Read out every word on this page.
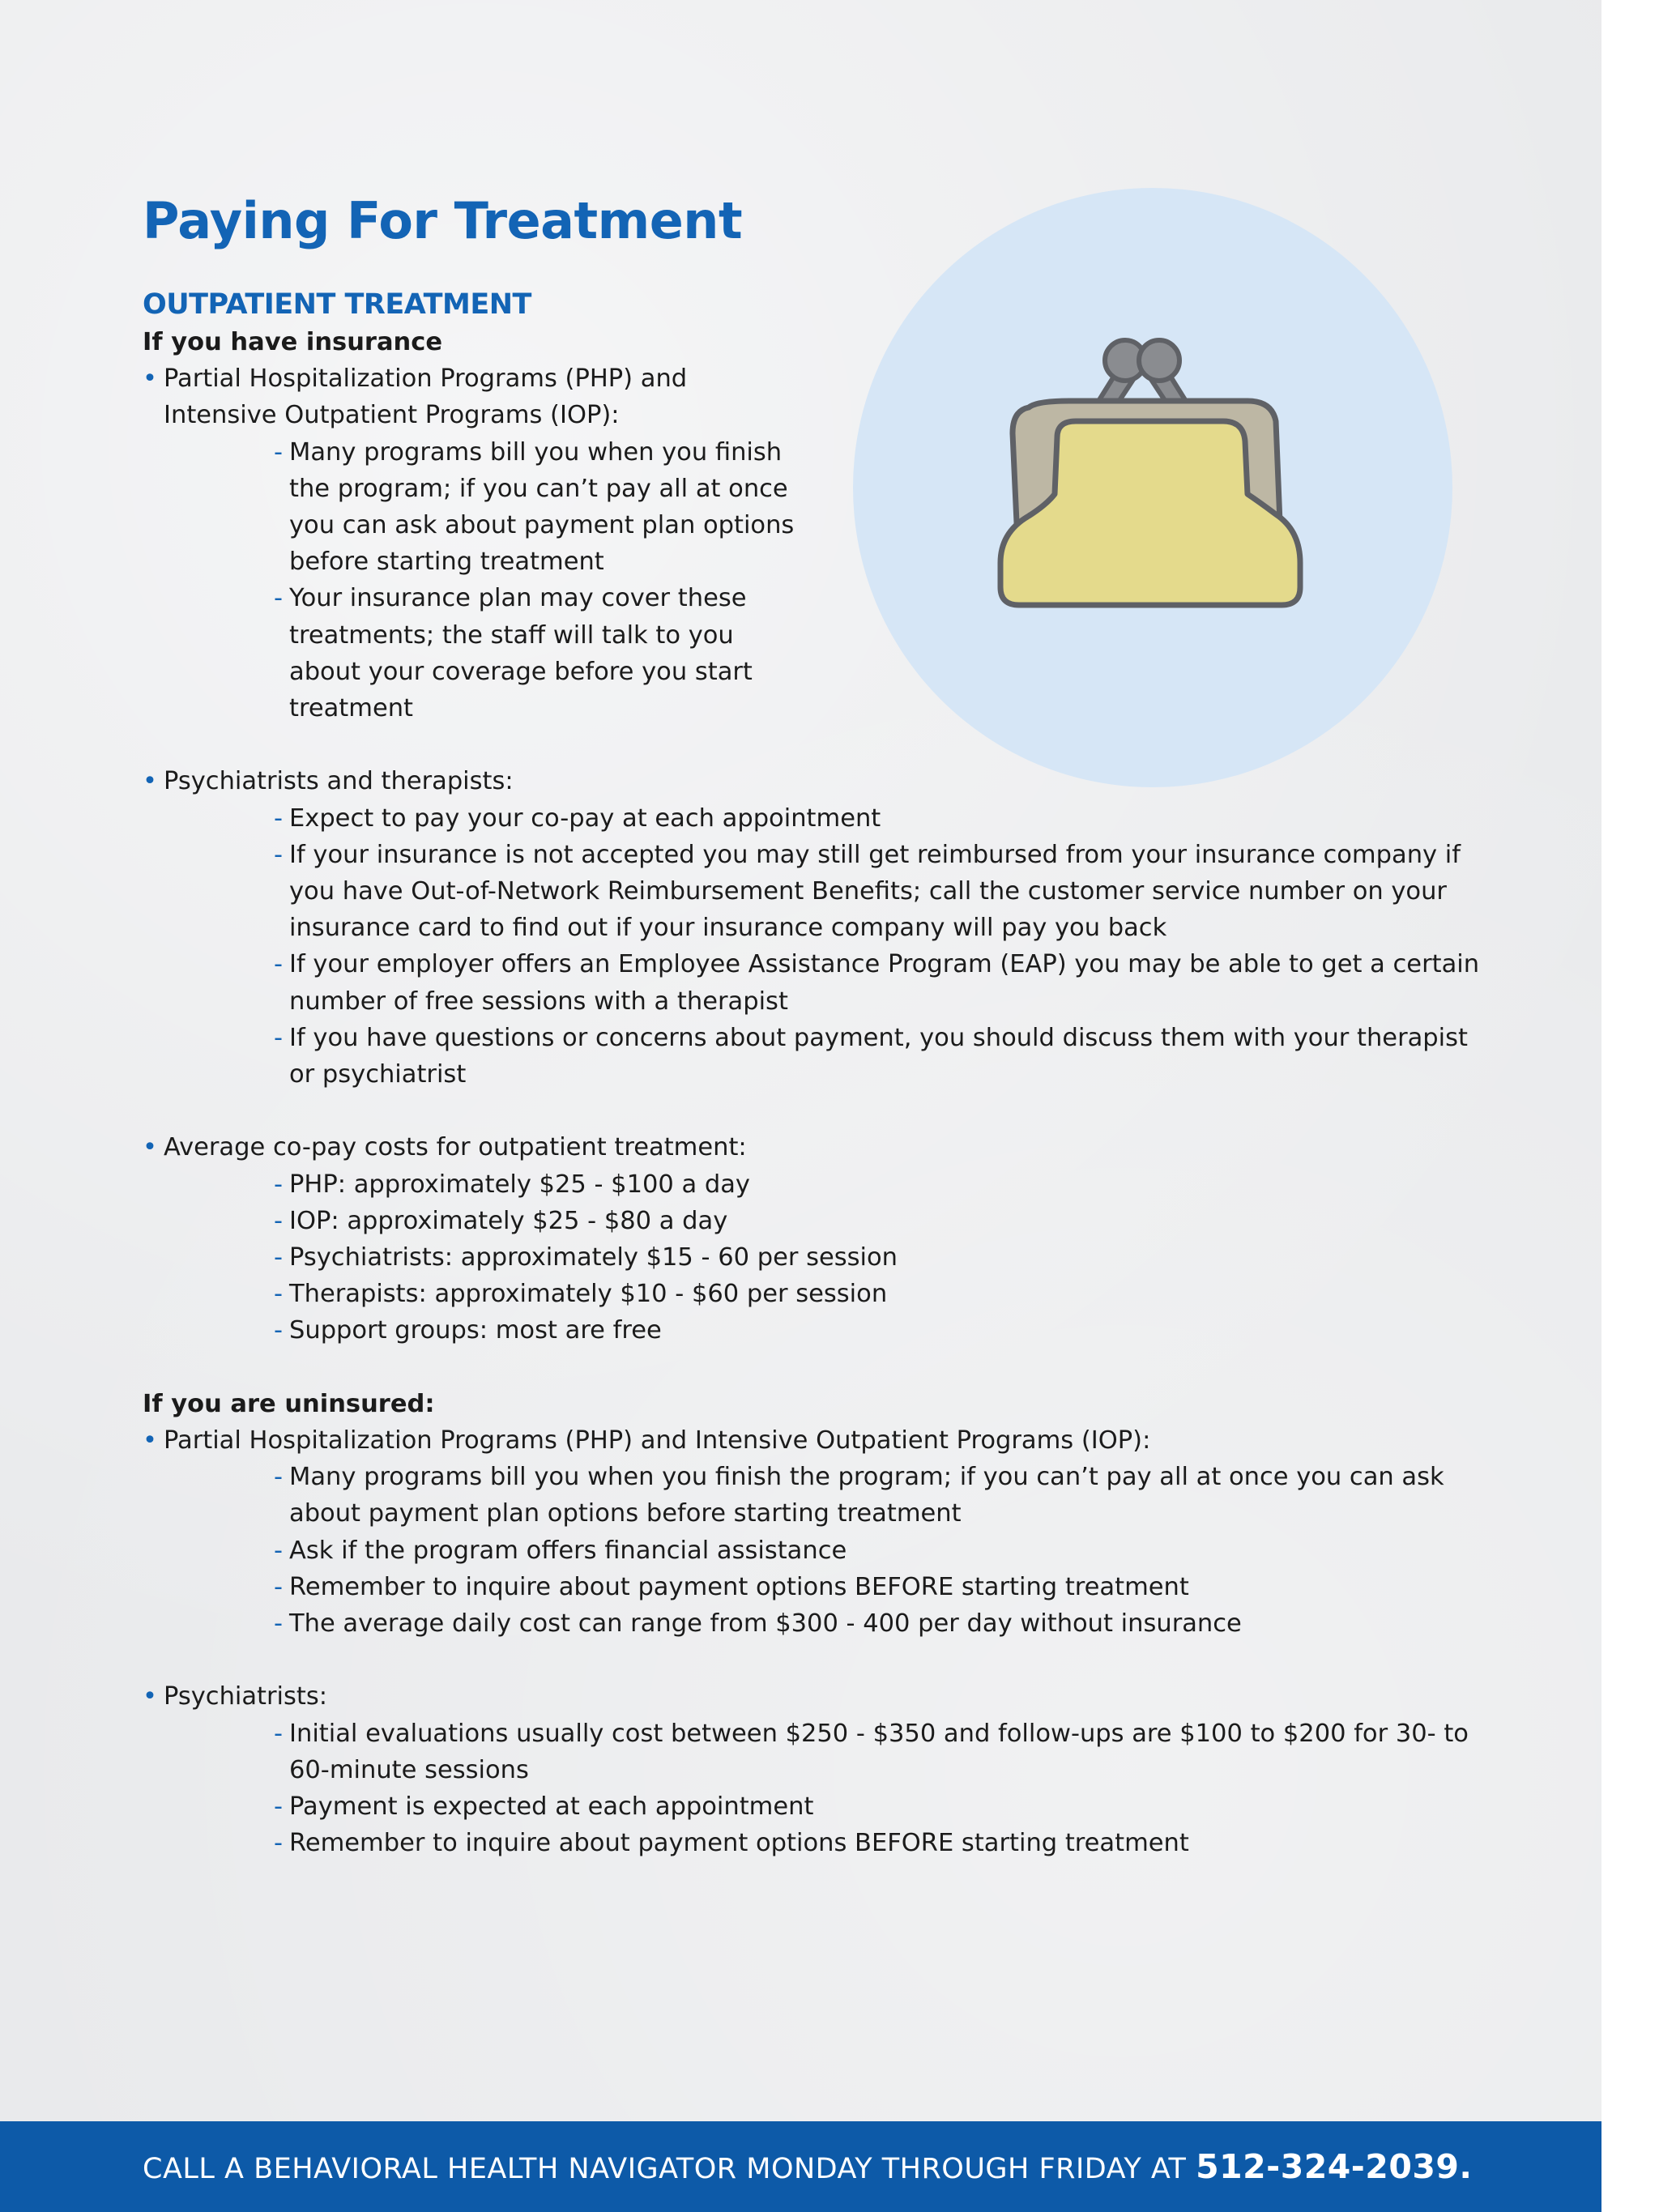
Paying For Treatment
OUTPATIENT TREATMENT

If you have insurance

• Partial Hospitalization Programs (PHP) and Intensive Outpatient Programs (IOP):
- Many programs bill you when you finish the program; if you can’t pay all at once you can ask about payment plan options before starting treatment
- Your insurance plan may cover these treatments; the staff will talk to you about your coverage before you start treatment
• Psychiatrists and therapists:
- Expect to pay your co-pay at each appointment
- If your insurance is not accepted you may still get reimbursed from your insurance company if you have Out-of-Network Reimbursement Benefits; call the customer service number on your insurance card to find out if your insurance company will pay you back
- If your employer offers an Employee Assistance Program (EAP) you may be able to get a certain number of free sessions with a therapist
- If you have questions or concerns about payment, you should discuss them with your therapist or psychiatrist
• Average co-pay costs for outpatient treatment:
- PHP: approximately $25 - $100 a day
- IOP: approximately $25 - $80 a day
- Psychiatrists: approximately $15 - 60 per session
- Therapists: approximately $10 - $60 per session
- Support groups: most are free

If you are uninsured:

• Partial Hospitalization Programs (PHP) and Intensive Outpatient Programs (IOP):
- Many programs bill you when you finish the program; if you can’t pay all at once you can ask about payment plan options before starting treatment
- Ask if the program offers financial assistance
- Remember to inquire about payment options BEFORE starting treatment
- The average daily cost can range from $300 - 400 per day without insurance
• Psychiatrists:
- Initial evaluations usually cost between $250 - $350 and follow-ups are $100 to $200 for 30- to 60-minute sessions
- Payment is expected at each appointment
- Remember to inquire about payment options BEFORE starting treatment
CALL A BEHAVIORAL HEALTH NAVIGATOR MONDAY THROUGH FRIDAY AT 512-324-2039.
